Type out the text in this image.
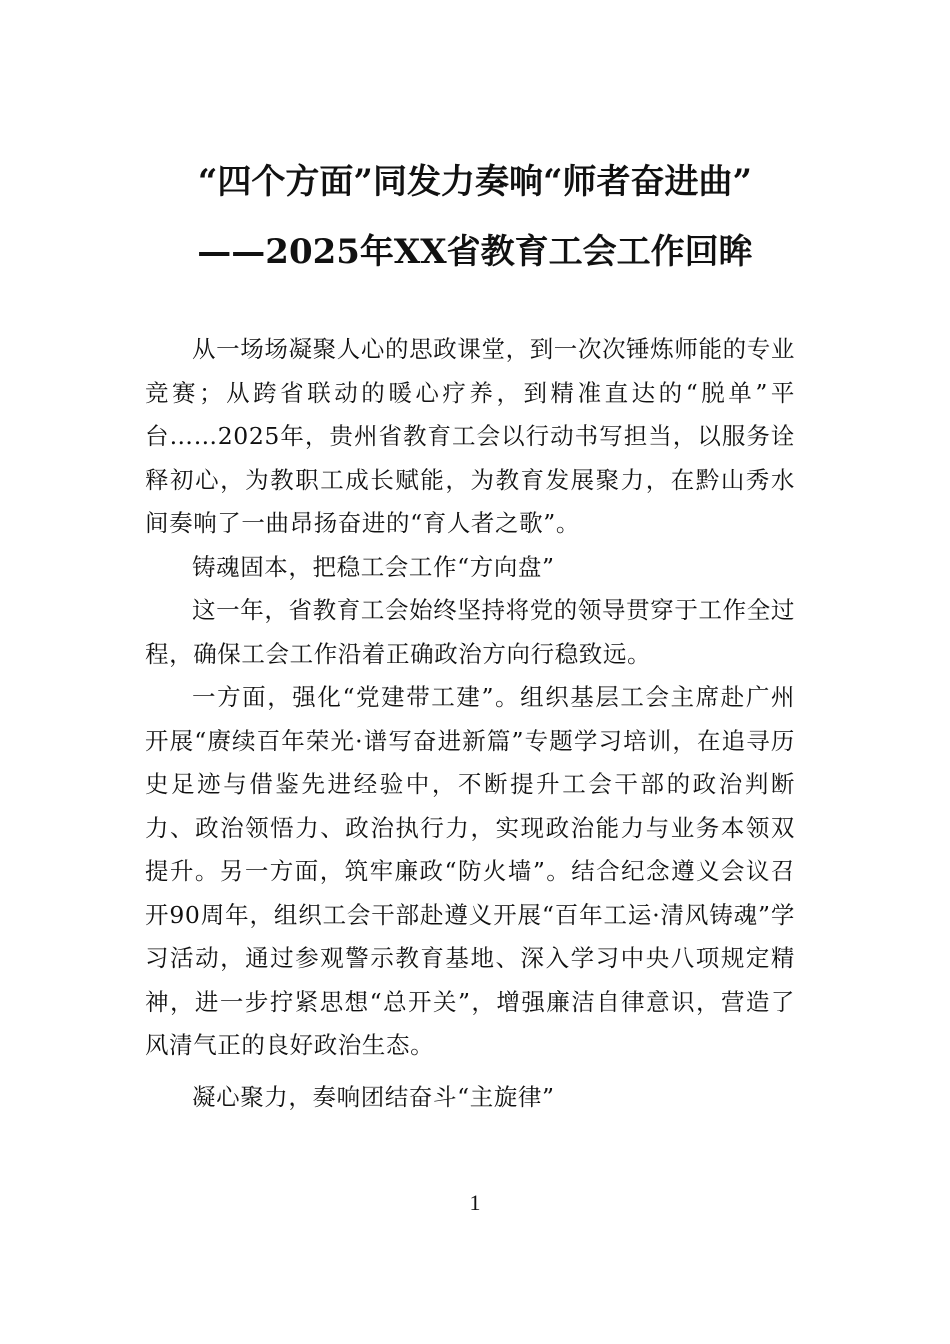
“四个方面”同发力奏响“师者奋进曲”
——2025年XX省教育工会工作回眸

从一场场凝聚人心的思政课堂，到一次次锤炼师能的专业竞赛；从跨省联动的暖心疗养，到精准直达的“脱单”平台……2025年，贵州省教育工会以行动书写担当，以服务诠释初心，为教职工成长赋能，为教育发展聚力，在黔山秀水间奏响了一曲昂扬奋进的“育人者之歌”。

铸魂固本，把稳工会工作“方向盘”

这一年，省教育工会始终坚持将党的领导贯穿于工作全过程，确保工会工作沿着正确政治方向行稳致远。

一方面，强化“党建带工建”。组织基层工会主席赴广州开展“赓续百年荣光·谱写奋进新篇”专题学习培训，在追寻历史足迹与借鉴先进经验中，不断提升工会干部的政治判断力、政治领悟力、政治执行力，实现政治能力与业务本领双提升。另一方面，筑牢廉政“防火墙”。结合纪念遵义会议召开90周年，组织工会干部赴遵义开展“百年工运·清风铸魂”学习活动，通过参观警示教育基地、深入学习中央八项规定精神，进一步拧紧思想“总开关”，增强廉洁自律意识，营造了风清气正的良好政治生态。

凝心聚力，奏响团结奋斗“主旋律”

1
